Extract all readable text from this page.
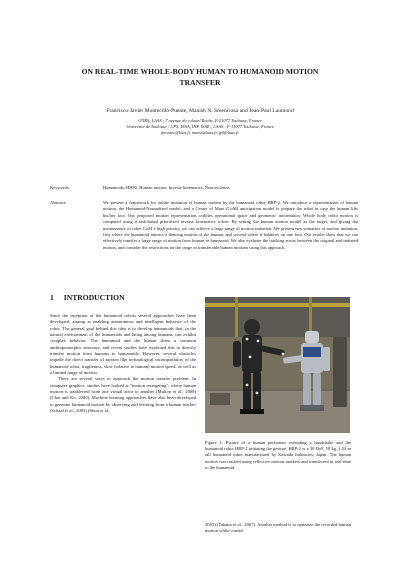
ON REAL-TIME WHOLE-BODY HUMAN TO HUMANOID MOTION
TRANSFER
Francisco-Javier Montecillo-Puente, Manish N. Sreenivasa and Jean-Paul Laumond
CNRS; LAAS ; 7 avenue du colonel Roche, F-31077 Toulouse, France
Université de Toulouse ; UPS, INSA, INP, ISAE ; LAAS ; F-31077 Toulouse, France
fmontec@laas.fr, manu@laas.fr, jpl@laas.fr
Keywords:	Humanoids, HRP2, Human motion, Inverse kinematics, Neuroscience.
Abstract:	We present a framework for online imitation of human motion by the humanoid robot HRP-2. We introduce a representation of human motion, the Humanoid-Normalized model, and a Center of Mass (CoM) anticipation model to prepare the robot in case the human lifts his/her foot. Our proposed motion representation codifies operational space and geometric information. Whole body robot motion is computed using a task-based prioritized inverse kinematics solver. By setting the human motion model as the target, and giving the maintenance of robot CoM a high priority, we can achieve a large range of motion imitation. We present two scenarios of motion imitation, first where the humanoid mimics a dancing motion of the human, and second where it balances on one foot. Our results show that we can effectively transfer a large range of motion from human to humanoid. We also evaluate the tracking errors between the original and imitated motion, and consider the restrictions on the range of transferable human motions using this approach.
1 INTRODUCTION

Since the inception of the humanoid robots several approaches have been developed, aiming at enabling autonomous and intelligent behavior of the robot. The general goal behind this idea is to develop humanoids that, in the natural environment of the humanoids and being among humans, can exhibit complex behavior. The humanoid and the human share a common anthropomorphic structure, and recent studies have exploited this to directly transfer motion from humans to humanoids. However, several obstacles impede the direct transfer of motion like technological incompatibility of the humanoid robot, fragileness, slow (relative to human) motion speed, as well as a limited range of motion.

There are several ways to approach the motion transfer problem. In computer graphics, studies have looked at "motion retargeting", where human motion is transferred from one virtual actor to another (Multon et al., 2008)(Choi and Ko, 2000). Machine learning approaches have also been developed to generate humanoid motion by observing and learning from a human teacher (Schaal et al., 2003) (Shon et al.,

Figure 1: Picture of a human performer extending a handshake and the humanoid robot HRP-2 imitating the gesture. HRP-2 is a 30 DoF, 58 kg, 1.54 m tall humanoid robot manufactured by Kawada Industries, Japan. The human motion was tracked using reflective motion markers and transferred in real-time to the humanoid.
2005) (Takano et al., 2007). Another method is to optimize the recorded human motion while consid-
